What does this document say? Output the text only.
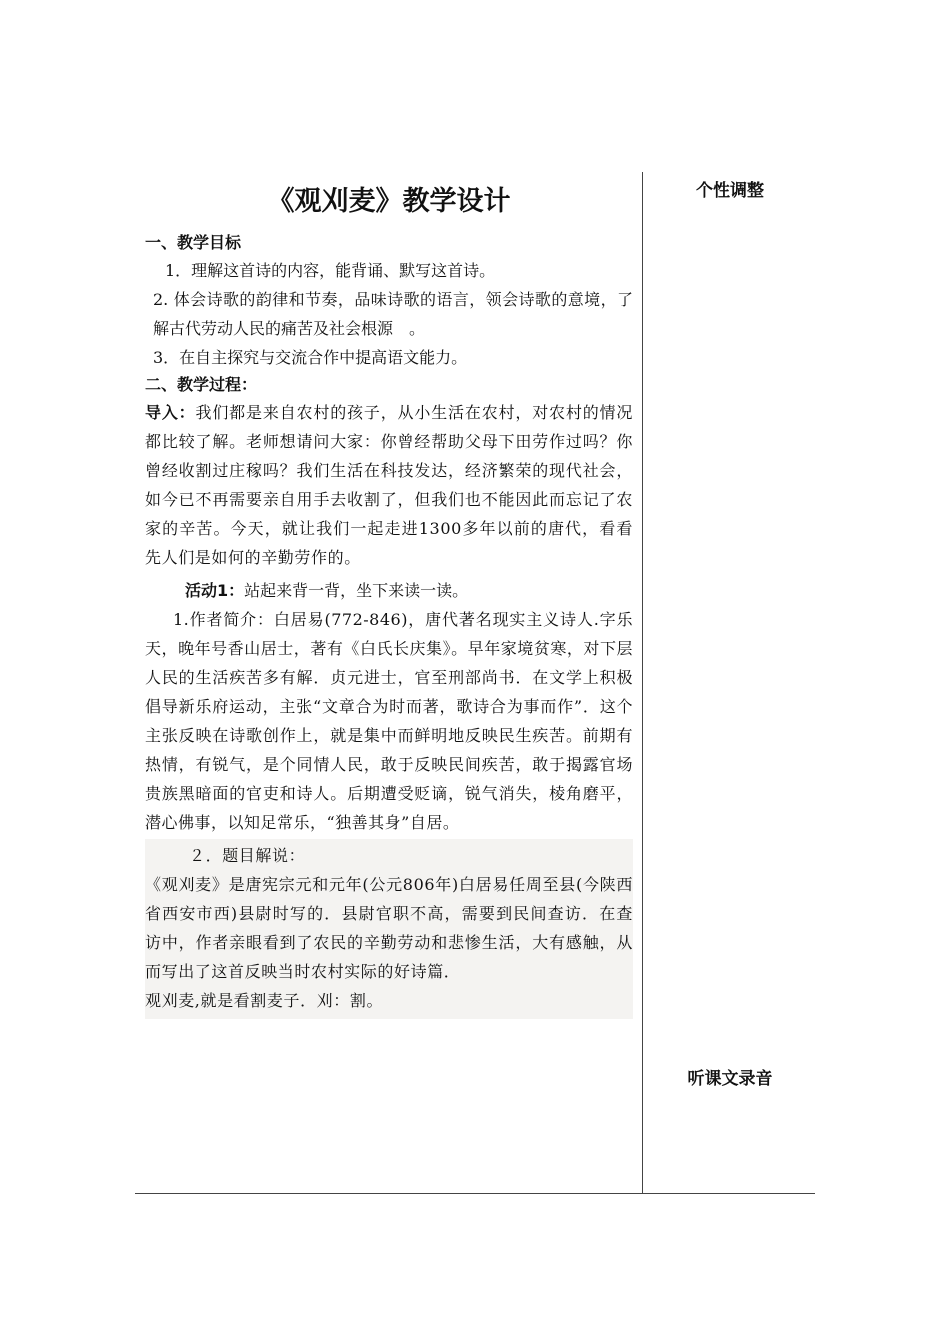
个性调整
听课文录音
《观刈麦》教学设计

一、教学目标

1．理解这首诗的内容，能背诵、默写这首诗。

2. 体会诗歌的韵律和节奏，品味诗歌的语言，领会诗歌的意境，了解古代劳动人民的痛苦及社会根源　。

3．在自主探究与交流合作中提高语文能力。

二、教学过程：

导入：我们都是来自农村的孩子，从小生活在农村，对农村的情况都比较了解。老师想请问大家：你曾经帮助父母下田劳作过吗？你曾经收割过庄稼吗？我们生活在科技发达，经济繁荣的现代社会，如今已不再需要亲自用手去收割了，但我们也不能因此而忘记了农家的辛苦。今天，就让我们一起走进1300多年以前的唐代，看看先人们是如何的辛勤劳作的。

活动1：站起来背一背，坐下来读一读。

1.作者简介：白居易(772-846)，唐代著名现实主义诗人.字乐天，晚年号香山居士，著有《白氏长庆集》。早年家境贫寒，对下层人民的生活疾苦多有解．贞元进士，官至刑部尚书．在文学上积极倡导新乐府运动，主张“文章合为时而著，歌诗合为事而作”．这个主张反映在诗歌创作上，就是集中而鲜明地反映民生疾苦。前期有热情，有锐气，是个同情人民，敢于反映民间疾苦，敢于揭露官场贵族黑暗面的官吏和诗人。后期遭受贬谪，锐气消失，棱角磨平，潜心佛事，以知足常乐，“独善其身”自居。

２．题目解说：

《观刈麦》是唐宪宗元和元年(公元806年)白居易任周至县(今陕西省西安市西)县尉时写的．县尉官职不高，需要到民间查访．在查访中，作者亲眼看到了农民的辛勤劳动和悲惨生活，大有感触，从而写出了这首反映当时农村实际的好诗篇．

观刈麦,就是看割麦子．刈：割。
